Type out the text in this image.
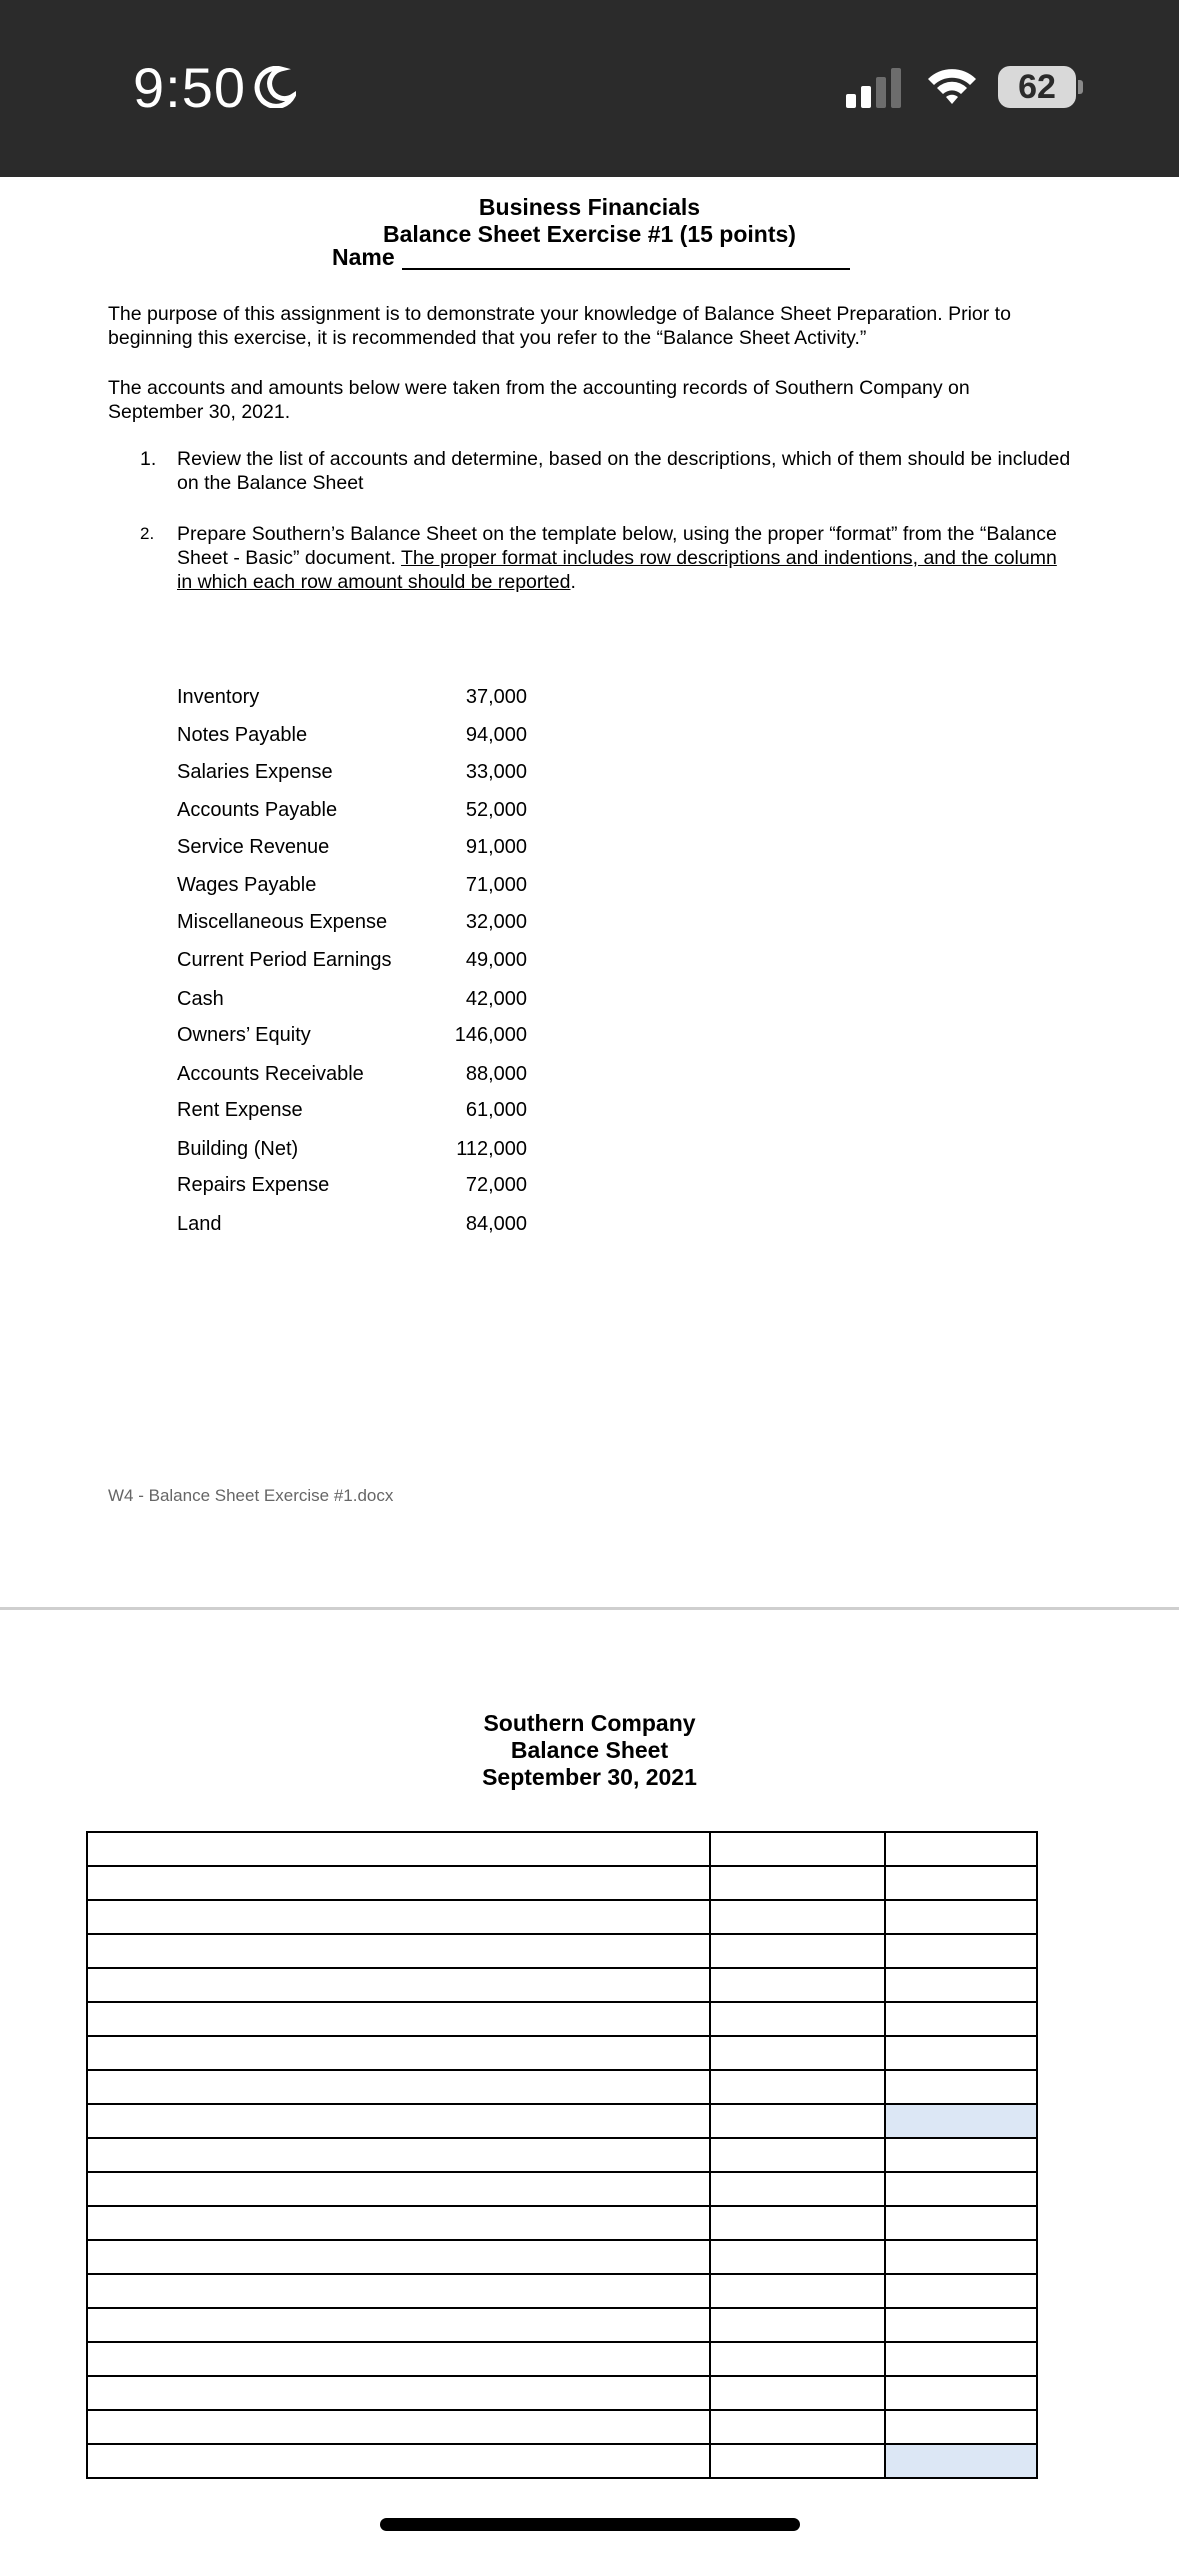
9:50	62
Business Financials
Balance Sheet Exercise #1 (15 points)
Name
The purpose of this assignment is to demonstrate your knowledge of Balance Sheet Preparation. Prior to beginning this exercise, it is recommended that you refer to the “Balance Sheet Activity.”
The accounts and amounts below were taken from the accounting records of Southern Company on September 30, 2021.
1. Review the list of accounts and determine, based on the descriptions, which of them should be included on the Balance Sheet
2. Prepare Southern’s Balance Sheet on the template below, using the proper “format” from the “Balance Sheet - Basic” document. The proper format includes row descriptions and indentions, and the column in which each row amount should be reported.
Inventory	37,000
Notes Payable	94,000
Salaries Expense	33,000
Accounts Payable	52,000
Service Revenue	91,000
Wages Payable	71,000
Miscellaneous Expense	32,000
Current Period Earnings	49,000
Cash	42,000
Owners’ Equity	146,000
Accounts Receivable	88,000
Rent Expense	61,000
Building (Net)	112,000
Repairs Expense	72,000
Land	84,000
W4 - Balance Sheet Exercise #1.docx
Southern Company
Balance Sheet
September 30, 2021
